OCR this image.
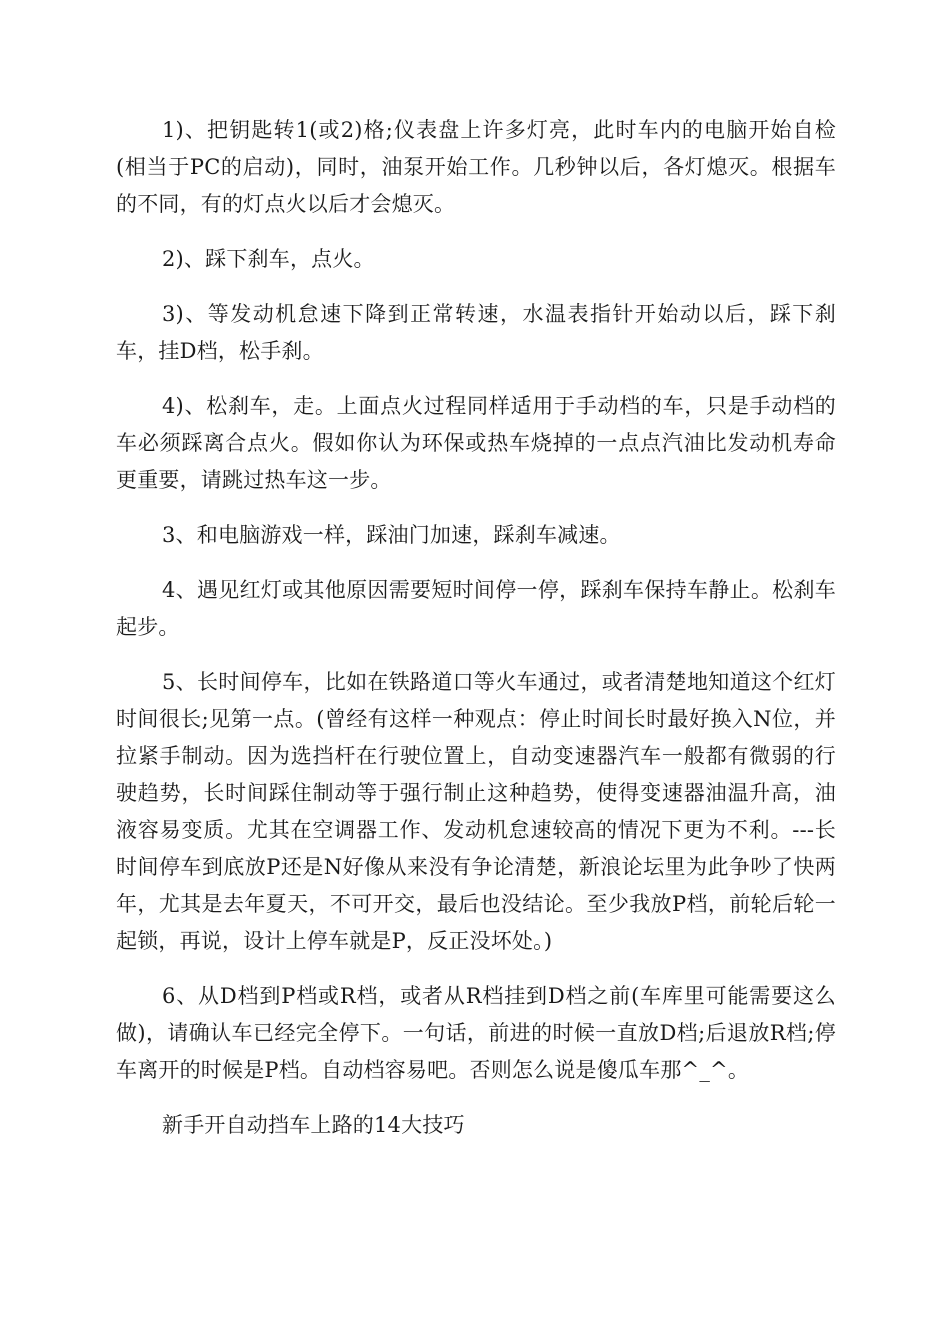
1)、把钥匙转1(或2)格;仪表盘上许多灯亮，此时车内的电脑开始自检(相当于PC的启动)，同时，油泵开始工作。几秒钟以后，各灯熄灭。根据车的不同，有的灯点火以后才会熄灭。

2)、踩下刹车，点火。

3)、等发动机怠速下降到正常转速，水温表指针开始动以后，踩下刹车，挂D档，松手刹。

4)、松刹车，走。上面点火过程同样适用于手动档的车，只是手动档的车必须踩离合点火。假如你认为环保或热车烧掉的一点点汽油比发动机寿命更重要，请跳过热车这一步。

3、和电脑游戏一样，踩油门加速，踩刹车减速。

4、遇见红灯或其他原因需要短时间停一停，踩刹车保持车静止。松刹车起步。

5、长时间停车，比如在铁路道口等火车通过，或者清楚地知道这个红灯时间很长;见第一点。(曾经有这样一种观点：停止时间长时最好换入N位，并拉紧手制动。因为选挡杆在行驶位置上，自动变速器汽车一般都有微弱的行驶趋势，长时间踩住制动等于强行制止这种趋势，使得变速器油温升高，油液容易变质。尤其在空调器工作、发动机怠速较高的情况下更为不利。---长时间停车到底放P还是N好像从来没有争论清楚，新浪论坛里为此争吵了快两年，尤其是去年夏天，不可开交，最后也没结论。至少我放P档，前轮后轮一起锁，再说，设计上停车就是P，反正没坏处。)

6、从D档到P档或R档，或者从R档挂到D档之前(车库里可能需要这么做)，请确认车已经完全停下。一句话，前进的时候一直放D档;后退放R档;停车离开的时候是P档。自动档容易吧。否则怎么说是傻瓜车那^_^。

新手开自动挡车上路的14大技巧
